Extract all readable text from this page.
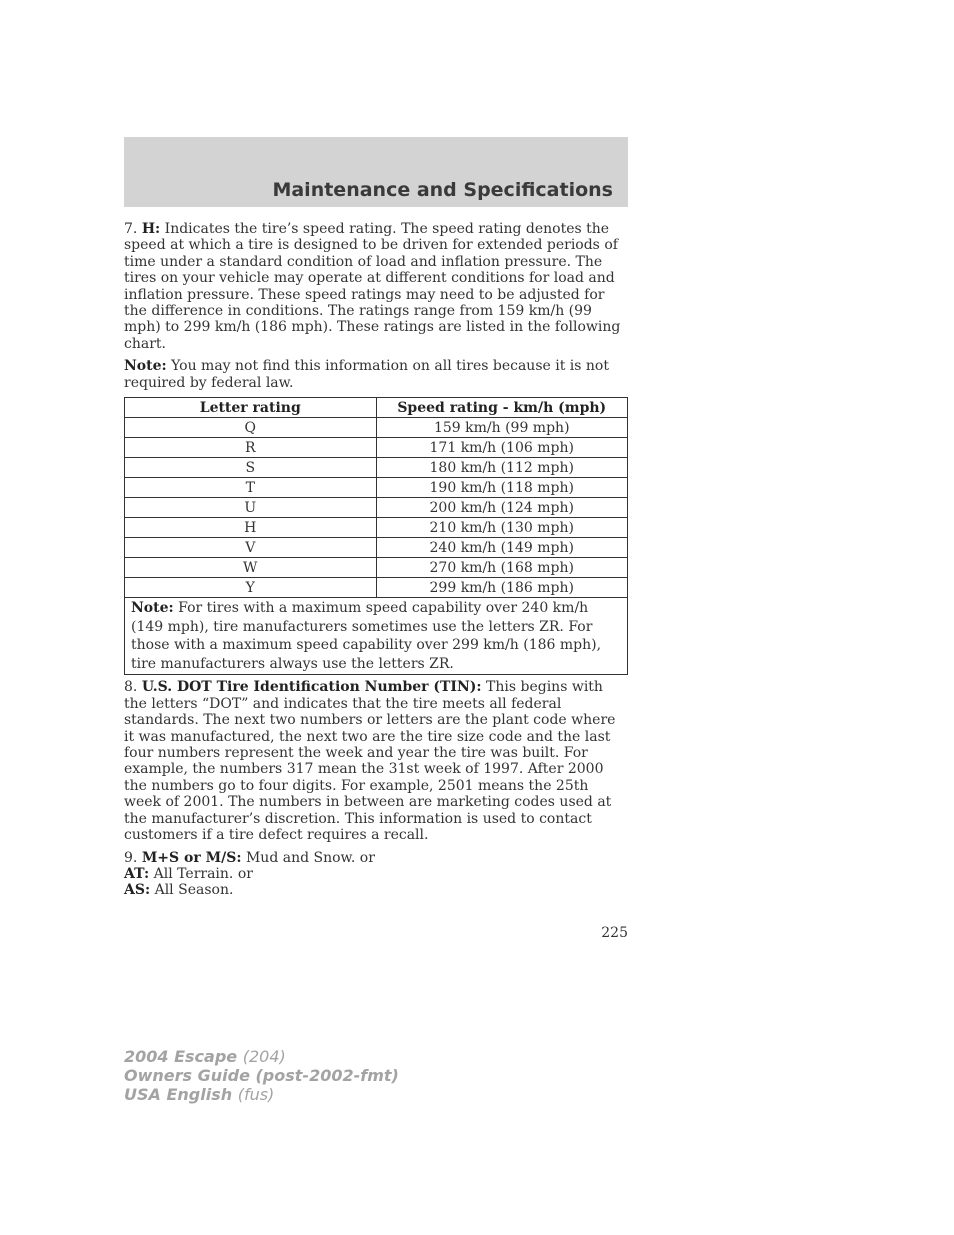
Maintenance and Specifications

7. H: Indicates the tire’s speed rating. The speed rating denotes the speed at which a tire is designed to be driven for extended periods of time under a standard condition of load and inflation pressure. The tires on your vehicle may operate at different conditions for load and inflation pressure. These speed ratings may need to be adjusted for the difference in conditions. The ratings range from 159 km/h (99 mph) to 299 km/h (186 mph). These ratings are listed in the following chart.

Note: You may not find this information on all tires because it is not required by federal law.

Letter rating	Speed rating - km/h (mph)
Q	159 km/h (99 mph)
R	171 km/h (106 mph)
S	180 km/h (112 mph)
T	190 km/h (118 mph)
U	200 km/h (124 mph)
H	210 km/h (130 mph)
V	240 km/h (149 mph)
W	270 km/h (168 mph)
Y	299 km/h (186 mph)
Note: For tires with a maximum speed capability over 240 km/h (149 mph), tire manufacturers sometimes use the letters ZR. For those with a maximum speed capability over 299 km/h (186 mph), tire manufacturers always use the letters ZR.	

8. U.S. DOT Tire Identification Number (TIN): This begins with the letters “DOT” and indicates that the tire meets all federal standards. The next two numbers or letters are the plant code where it was manufactured, the next two are the tire size code and the last four numbers represent the week and year the tire was built. For example, the numbers 317 mean the 31st week of 1997. After 2000 the numbers go to four digits. For example, 2501 means the 25th week of 2001. The numbers in between are marketing codes used at the manufacturer’s discretion. This information is used to contact customers if a tire defect requires a recall.

9. M+S or M/S: Mud and Snow. or
AT: All Terrain. or
AS: All Season.

225
2004 Escape (204)
Owners Guide (post-2002-fmt)
USA English (fus)
